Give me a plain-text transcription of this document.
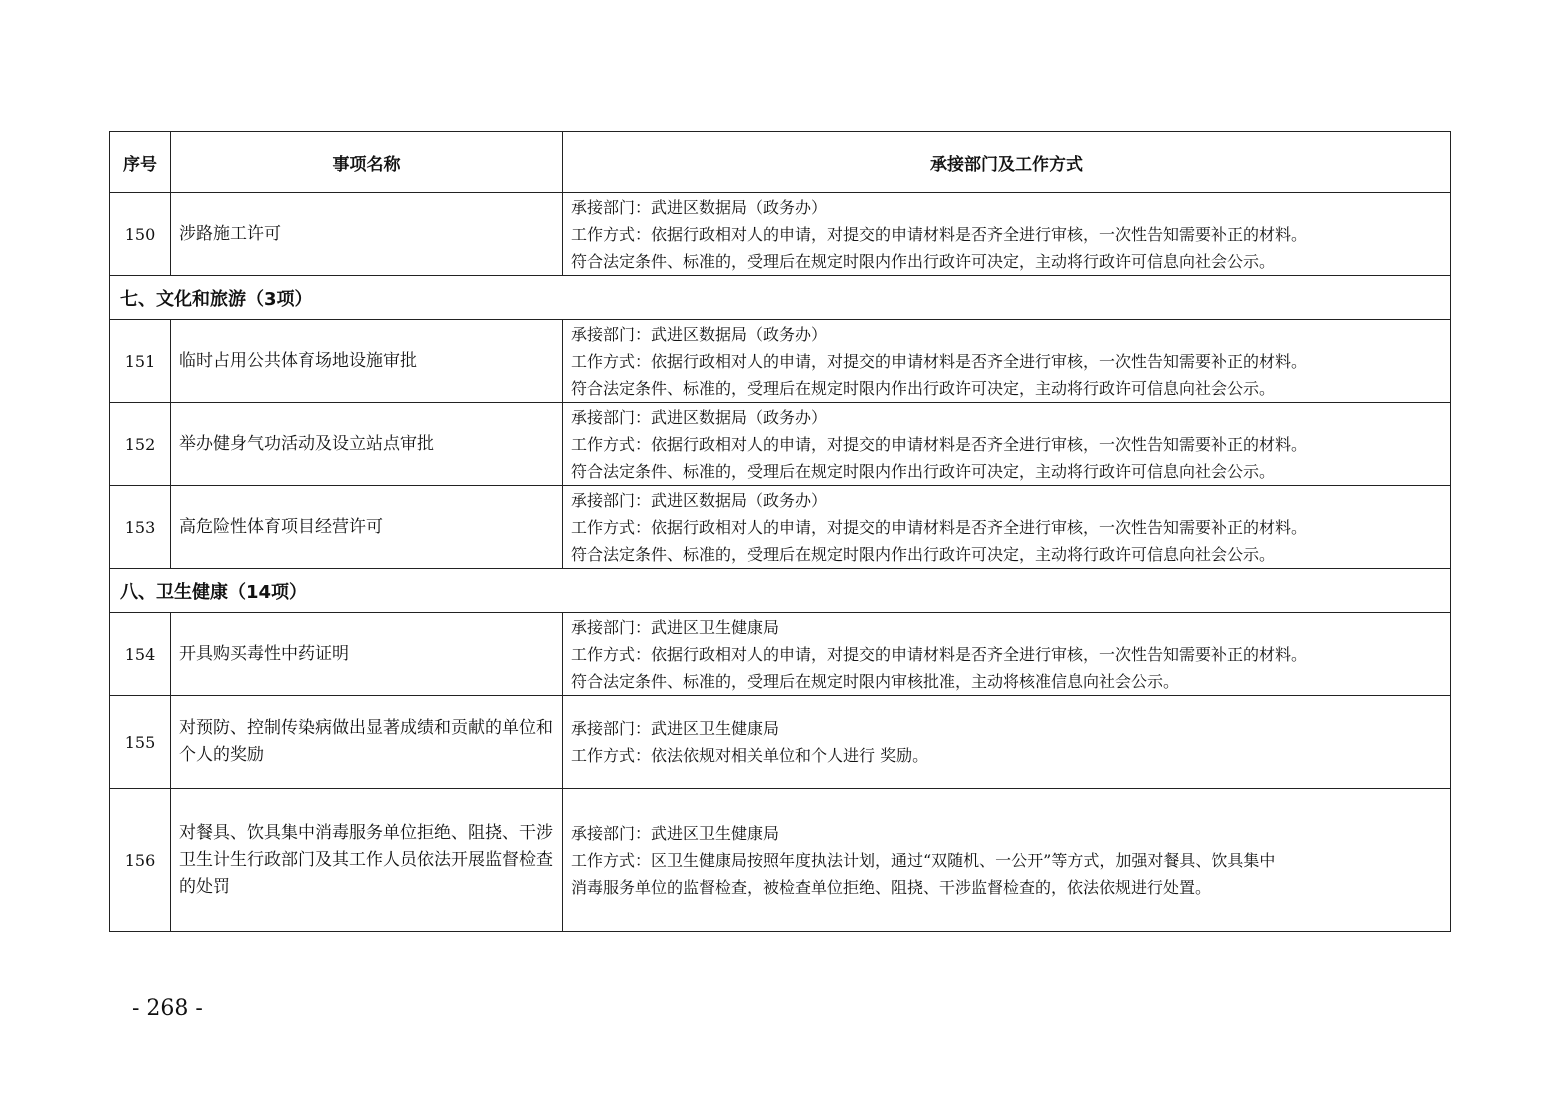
序号	事项名称	承接部门及工作方式
150	涉路施工许可	承接部门：武进区数据局（政务办）
工作方式：依据行政相对人的申请，对提交的申请材料是否齐全进行审核，一次性告知需要补正的材料。
符合法定条件、标准的，受理后在规定时限内作出行政许可决定，主动将行政许可信息向社会公示。

七、文化和旅游（3项）		
151	临时占用公共体育场地设施审批	承接部门：武进区数据局（政务办）
工作方式：依据行政相对人的申请，对提交的申请材料是否齐全进行审核，一次性告知需要补正的材料。
符合法定条件、标准的，受理后在规定时限内作出行政许可决定，主动将行政许可信息向社会公示。

152	举办健身气功活动及设立站点审批	承接部门：武进区数据局（政务办）
工作方式：依据行政相对人的申请，对提交的申请材料是否齐全进行审核，一次性告知需要补正的材料。
符合法定条件、标准的，受理后在规定时限内作出行政许可决定，主动将行政许可信息向社会公示。

153	高危险性体育项目经营许可	承接部门：武进区数据局（政务办）
工作方式：依据行政相对人的申请，对提交的申请材料是否齐全进行审核，一次性告知需要补正的材料。
符合法定条件、标准的，受理后在规定时限内作出行政许可决定，主动将行政许可信息向社会公示。

八、卫生健康（14项）		
154	开具购买毒性中药证明	承接部门：武进区卫生健康局
工作方式：依据行政相对人的申请，对提交的申请材料是否齐全进行审核，一次性告知需要补正的材料。
符合法定条件、标准的，受理后在规定时限内审核批准，主动将核准信息向社会公示。

155	对预防、控制传染病做出显著成绩和贡献的单位和个人的奖励	承接部门：武进区卫生健康局
工作方式：依法依规对相关单位和个人进行 奖励。

156	对餐具、饮具集中消毒服务单位拒绝、阻挠、干涉卫生计生行政部门及其工作人员依法开展监督检查的处罚	承接部门：武进区卫生健康局
工作方式：区卫生健康局按照年度执法计划，通过“双随机、一公开”等方式，加强对餐具、饮具集中
消毒服务单位的监督检查，被检查单位拒绝、阻挠、干涉监督检查的，依法依规进行处置。
- 268 -
